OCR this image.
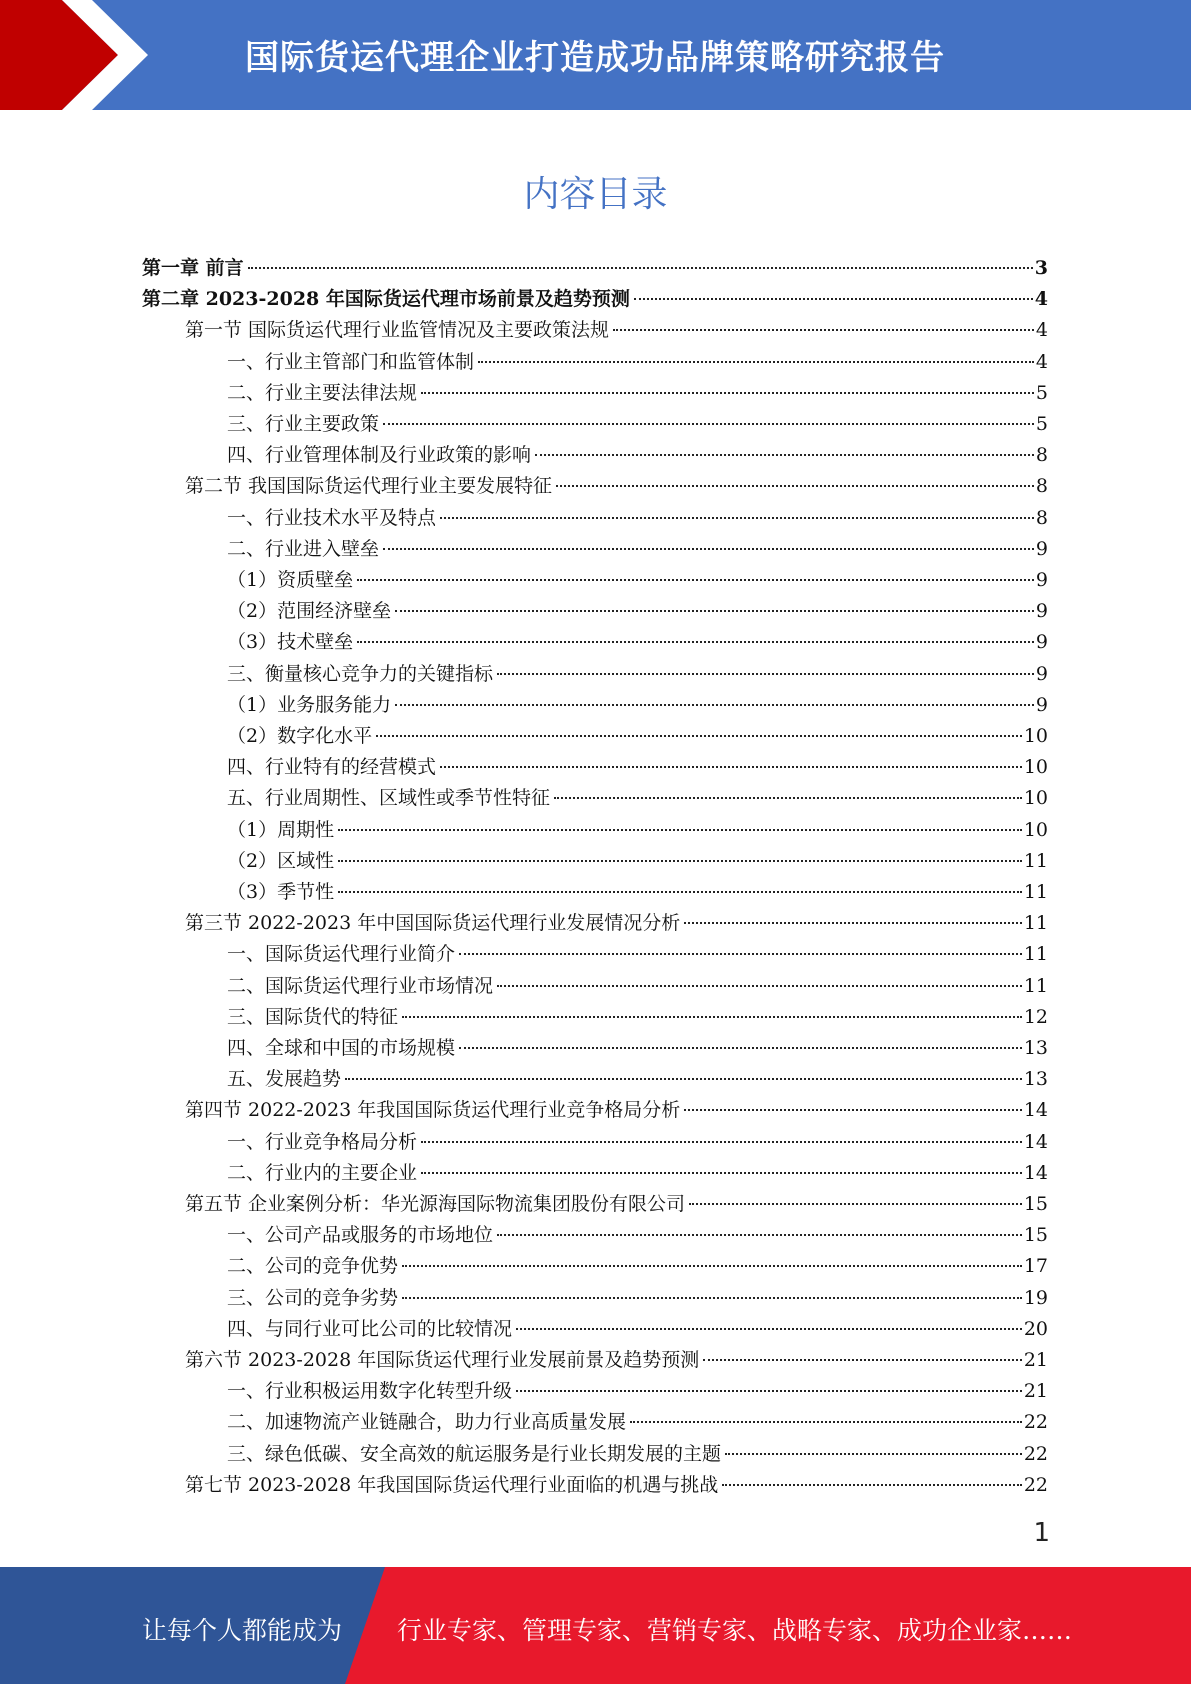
国际货运代理企业打造成功品牌策略研究报告
内容目录
第一章 前言	3
第二章 2023-2028 年国际货运代理市场前景及趋势预测	4
第一节 国际货运代理行业监管情况及主要政策法规	4
一、行业主管部门和监管体制	4
二、行业主要法律法规	5
三、行业主要政策	5
四、行业管理体制及行业政策的影响	8
第二节 我国国际货运代理行业主要发展特征	8
一、行业技术水平及特点	8
二、行业进入壁垒	9
（1）资质壁垒	9
（2）范围经济壁垒	9
（3）技术壁垒	9
三、衡量核心竞争力的关键指标	9
（1）业务服务能力	9
（2）数字化水平	10
四、行业特有的经营模式	10
五、行业周期性、区域性或季节性特征	10
（1）周期性	10
（2）区域性	11
（3）季节性	11
第三节 2022-2023 年中国国际货运代理行业发展情况分析	11
一、国际货运代理行业简介	11
二、国际货运代理行业市场情况	11
三、国际货代的特征	12
四、全球和中国的市场规模	13
五、发展趋势	13
第四节 2022-2023 年我国国际货运代理行业竞争格局分析	14
一、行业竞争格局分析	14
二、行业内的主要企业	14
第五节 企业案例分析：华光源海国际物流集团股份有限公司	15
一、公司产品或服务的市场地位	15
二、公司的竞争优势	17
三、公司的竞争劣势	19
四、与同行业可比公司的比较情况	20
第六节 2023-2028 年国际货运代理行业发展前景及趋势预测	21
一、行业积极运用数字化转型升级	21
二、加速物流产业链融合，助力行业高质量发展	22
三、绿色低碳、安全高效的航运服务是行业长期发展的主题	22
第七节 2023-2028 年我国国际货运代理行业面临的机遇与挑战	22
1
让每个人都能成为 行业专家、管理专家、营销专家、战略专家、成功企业家……
